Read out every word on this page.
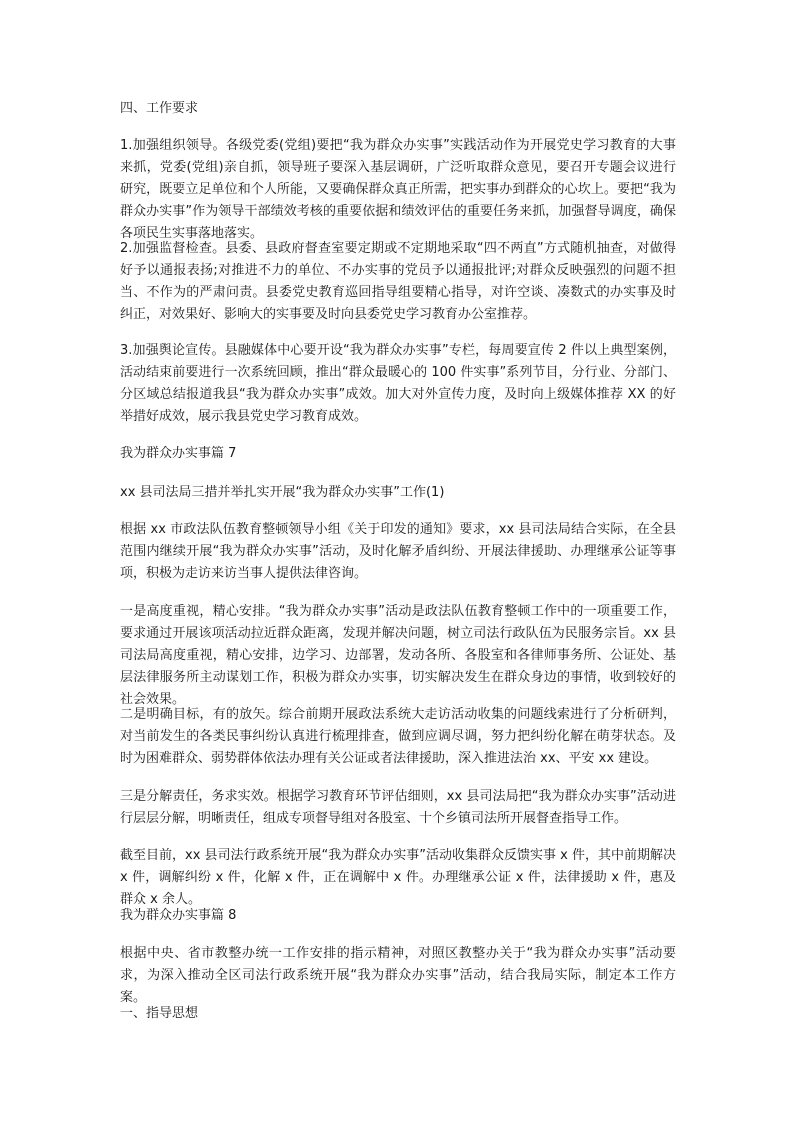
四、工作要求

1.加强组织领导。各级党委(党组)要把“我为群众办实事”实践活动作为开展党史学习教育的大事来抓，党委(党组)亲自抓，领导班子要深入基层调研，广泛听取群众意见，要召开专题会议进行研究，既要立足单位和个人所能，又要确保群众真正所需，把实事办到群众的心坎上。要把“我为群众办实事”作为领导干部绩效考核的重要依据和绩效评估的重要任务来抓，加强督导调度，确保各项民生实事落地落实。

2.加强监督检查。县委、县政府督查室要定期或不定期地采取“四不两直”方式随机抽查，对做得好予以通报表扬;对推进不力的单位、不办实事的党员予以通报批评;对群众反映强烈的问题不担当、不作为的严肃问责。县委党史教育巡回指导组要精心指导，对许空谈、凑数式的办实事及时纠正，对效果好、影响大的实事要及时向县委党史学习教育办公室推荐。

3.加强舆论宣传。县融媒体中心要开设“我为群众办实事”专栏，每周要宣传 2 件以上典型案例，活动结束前要进行一次系统回顾，推出“群众最暖心的 100 件实事”系列节目，分行业、分部门、分区域总结报道我县“我为群众办实事”成效。加大对外宣传力度，及时向上级媒体推荐 XX 的好举措好成效，展示我县党史学习教育成效。

我为群众办实事篇 7

xx 县司法局三措并举扎实开展“我为群众办实事”工作(1)

根据 xx 市政法队伍教育整顿领导小组《关于印发的通知》要求，xx 县司法局结合实际，在全县范围内继续开展“我为群众办实事”活动，及时化解矛盾纠纷、开展法律援助、办理继承公证等事项，积极为走访来访当事人提供法律咨询。

一是高度重视，精心安排。“我为群众办实事”活动是政法队伍教育整顿工作中的一项重要工作，要求通过开展该项活动拉近群众距离，发现并解决问题，树立司法行政队伍为民服务宗旨。xx 县司法局高度重视，精心安排，边学习、边部署，发动各所、各股室和各律师事务所、公证处、基层法律服务所主动谋划工作，积极为群众办实事，切实解决发生在群众身边的事情，收到较好的社会效果。

二是明确目标，有的放矢。综合前期开展政法系统大走访活动收集的问题线索进行了分析研判，对当前发生的各类民事纠纷认真进行梳理排查，做到应调尽调，努力把纠纷化解在萌芽状态。及时为困难群众、弱势群体依法办理有关公证或者法律援助，深入推进法治 xx、平安 xx 建设。

三是分解责任，务求实效。根据学习教育环节评估细则，xx 县司法局把“我为群众办实事”活动进行层层分解，明晰责任，组成专项督导组对各股室、十个乡镇司法所开展督查指导工作。

截至目前，xx 县司法行政系统开展“我为群众办实事”活动收集群众反馈实事 x 件，其中前期解决 x 件，调解纠纷 x 件，化解 x 件，正在调解中 x 件。办理继承公证 x 件，法律援助 x 件，惠及群众 x 余人。

我为群众办实事篇 8

根据中央、省市教整办统一工作安排的指示精神，对照区教整办关于“我为群众办实事”活动要求，为深入推动全区司法行政系统开展“我为群众办实事”活动，结合我局实际，制定本工作方案。

一、指导思想
